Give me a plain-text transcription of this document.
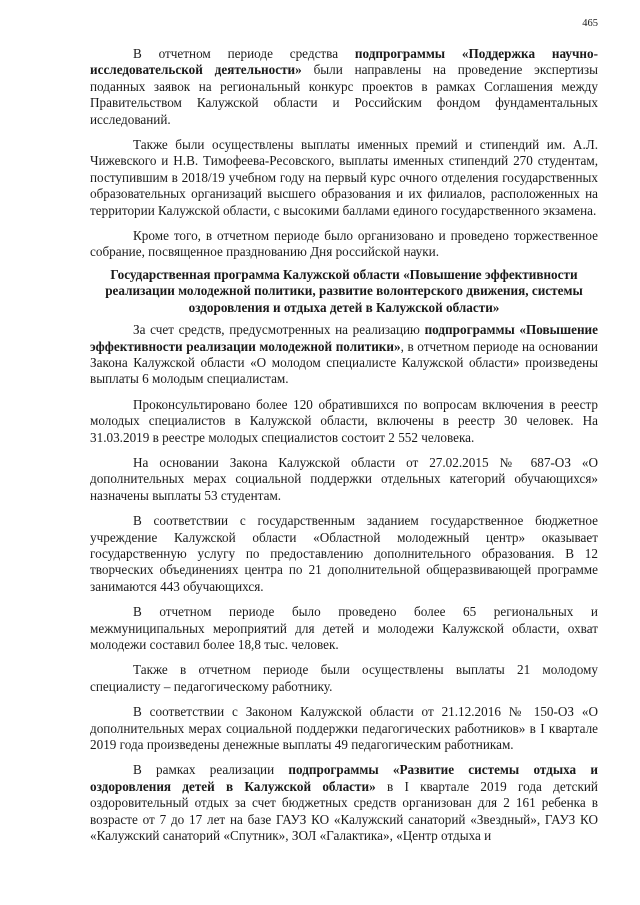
465

В отчетном периоде средства подпрограммы «Поддержка научно-исследовательской деятельности» были направлены на проведение экспертизы поданных заявок на региональный конкурс проектов в рамках Соглашения между Правительством Калужской области и Российским фондом фундаментальных исследований.

Также были осуществлены выплаты именных премий и стипендий им. А.Л. Чижевского и Н.В. Тимофеева-Ресовского, выплаты именных стипендий 270 студентам, поступившим в 2018/19 учебном году на первый курс очного отделения государственных образовательных организаций высшего образования и их филиалов, расположенных на территории Калужской области, с высокими баллами единого государственного экзамена.

Кроме того, в отчетном периоде было организовано и проведено торжественное собрание, посвященное празднованию Дня российской науки.

Государственная программа Калужской области «Повышение эффективности реализации молодежной политики, развитие волонтерского движения, системы оздоровления и отдыха детей в Калужской области»

За счет средств, предусмотренных на реализацию подпрограммы «Повышение эффективности реализации молодежной политики», в отчетном периоде на основании Закона Калужской области «О молодом специалисте Калужской области» произведены выплаты 6 молодым специалистам.

Проконсультировано более 120 обратившихся по вопросам включения в реестр молодых специалистов в Калужской области, включены в реестр 30 человек. На 31.03.2019 в реестре молодых специалистов состоит 2 552 человека.

На основании Закона Калужской области от 27.02.2015 № 687-ОЗ «О дополнительных мерах социальной поддержки отдельных категорий обучающихся» назначены выплаты 53 студентам.

В соответствии с государственным заданием государственное бюджетное учреждение Калужской области «Областной молодежный центр» оказывает государственную услугу по предоставлению дополнительного образования. В 12 творческих объединениях центра по 21 дополнительной общеразвивающей программе занимаются 443 обучающихся.

В отчетном периоде было проведено более 65 региональных и межмуниципальных мероприятий для детей и молодежи Калужской области, охват молодежи составил более 18,8 тыс. человек.

Также в отчетном периоде были осуществлены выплаты 21 молодому специалисту – педагогическому работнику.

В соответствии с Законом Калужской области от 21.12.2016 № 150-ОЗ «О дополнительных мерах социальной поддержки педагогических работников» в I квартале 2019 года произведены денежные выплаты 49 педагогическим работникам.

В рамках реализации подпрограммы «Развитие системы отдыха и оздоровления детей в Калужской области» в I квартале 2019 года детский оздоровительный отдых за счет бюджетных средств организован для 2 161 ребенка в возрасте от 7 до 17 лет на базе ГАУЗ КО «Калужский санаторий «Звездный», ГАУЗ КО «Калужский санаторий «Спутник», ЗОЛ «Галактика», «Центр отдыха и
